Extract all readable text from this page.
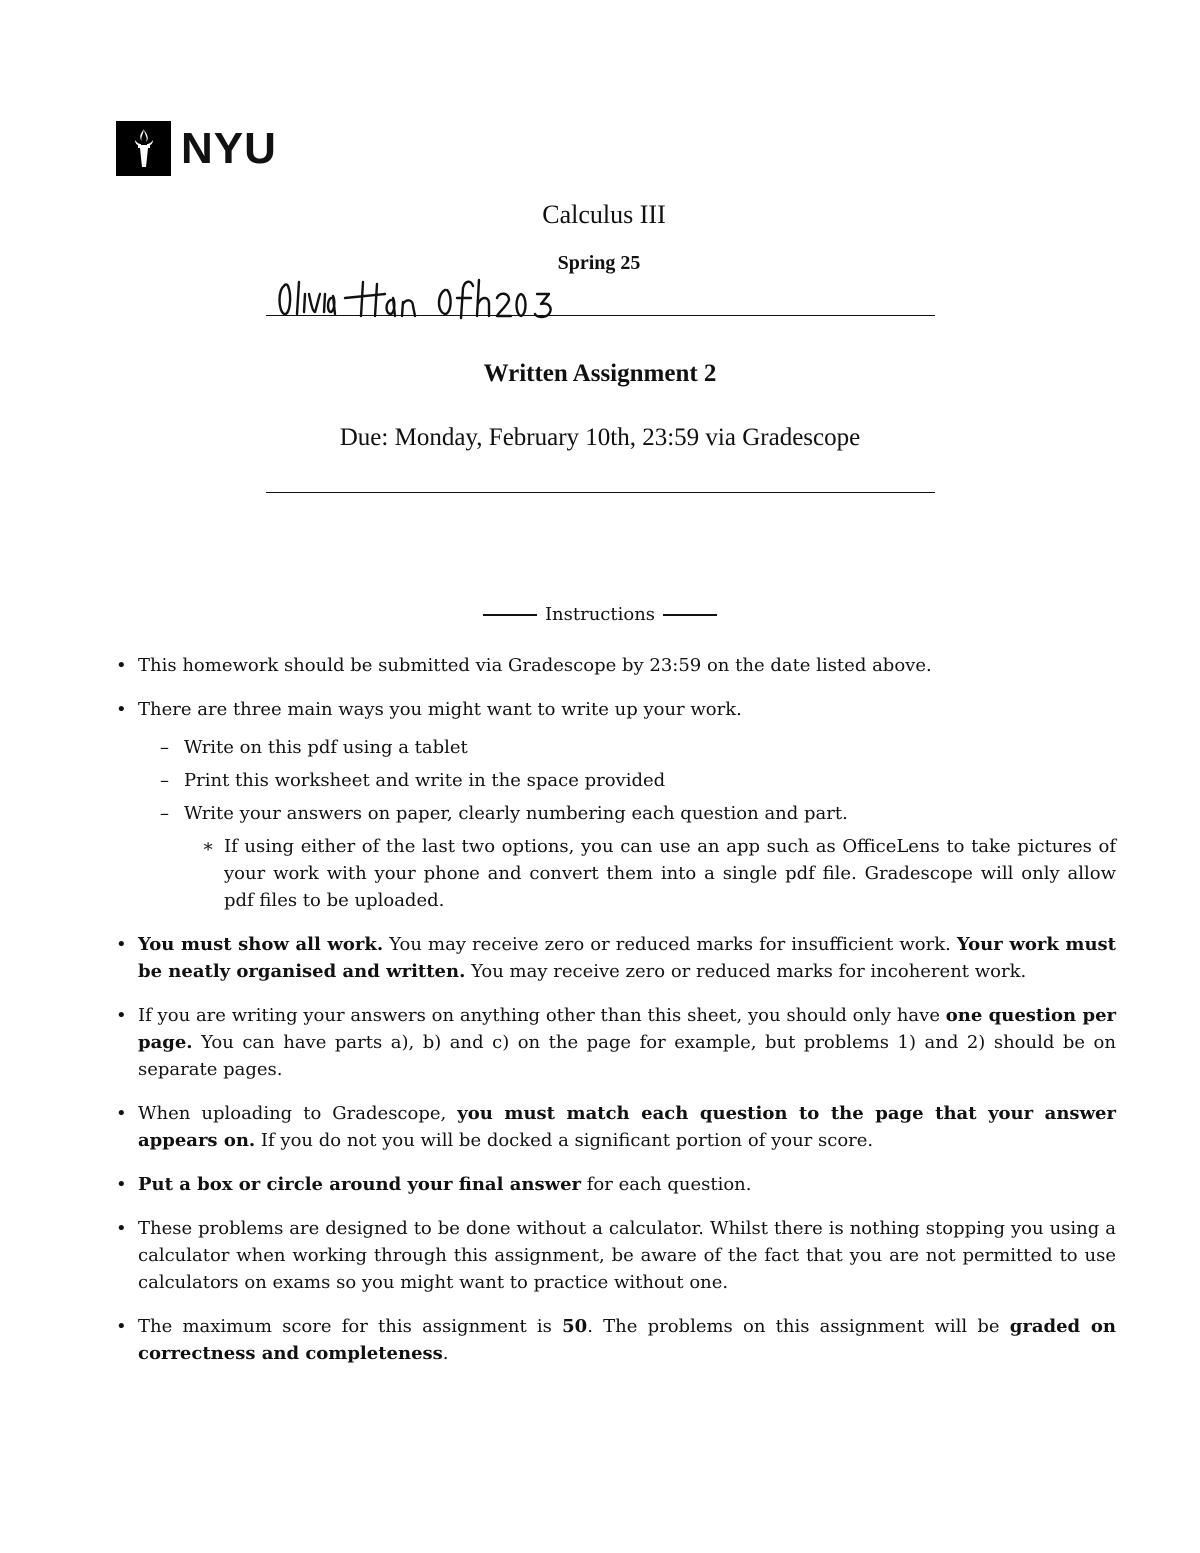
NYU
Calculus III
Spring 25
Written Assignment 2
Due: Monday, February 10th, 23:59 via Gradescope
Instructions
• This homework should be submitted via Gradescope by 23:59 on the date listed above.
• There are three main ways you might want to write up your work.
– Write on this pdf using a tablet
– Print this worksheet and write in the space provided
– Write your answers on paper, clearly numbering each question and part.
∗ If using either of the last two options, you can use an app such as OfficeLens to take pictures of your work with your phone and convert them into a single pdf file. Gradescope will only allow pdf files to be uploaded.
• You must show all work. You may receive zero or reduced marks for insufficient work. Your work must be neatly organised and written. You may receive zero or reduced marks for incoherent work.
• If you are writing your answers on anything other than this sheet, you should only have one question per page. You can have parts a), b) and c) on the page for example, but problems 1) and 2) should be on separate pages.
• When uploading to Gradescope, you must match each question to the page that your answer appears on. If you do not you will be docked a significant portion of your score.
• Put a box or circle around your final answer for each question.
• These problems are designed to be done without a calculator. Whilst there is nothing stopping you using a calculator when working through this assignment, be aware of the fact that you are not permitted to use calculators on exams so you might want to practice without one.
• The maximum score for this assignment is 50. The problems on this assignment will be graded on correctness and completeness.
